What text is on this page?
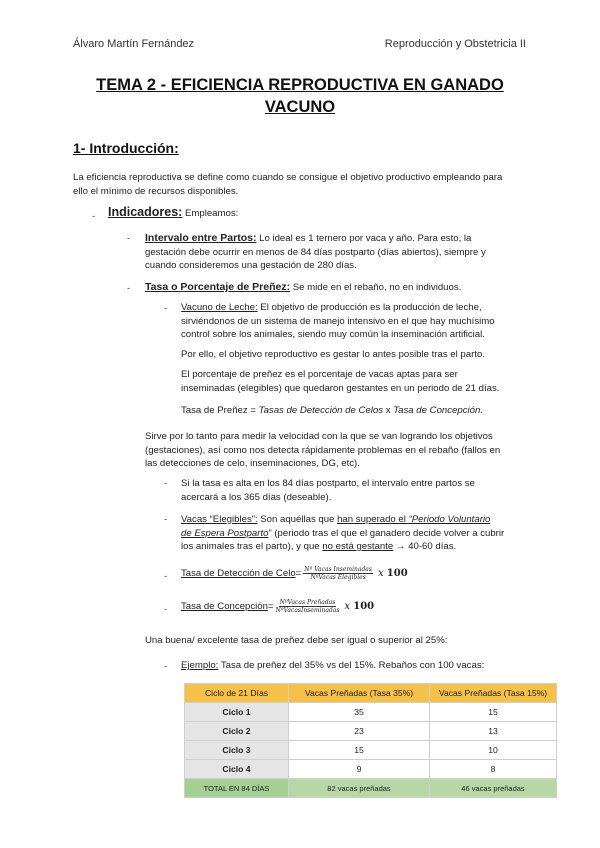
Álvaro Martín Fernández	Reproducción y Obstetricia II
TEMA 2 - EFICIENCIA REPRODUCTIVA EN GANADO
VACUNO
1- Introducción:
La eficiencia reproductiva se define como cuando se consigue el objetivo productivo empleando para
ello el mínimo de recursos disponibles.
- Indicadores: Empleamos:
- Intervalo entre Partos: Lo ideal es 1 ternero por vaca y año. Para esto, la
gestación debe ocurrir en menos de 84 días postparto (días abiertos), siempre y
cuando consideremos una gestación de 280 días.
- Tasa o Porcentaje de Preñez: Se mide en el rebaño, no en individuos.
- Vacuno de Leche: El objetivo de producción es la producción de leche,
sirviéndonos de un sistema de manejo intensivo en el que hay muchísimo
control sobre los animales, siendo muy común la inseminación artificial.
Por ello, el objetivo reproductivo es gestar lo antes posible tras el parto.
El porcentaje de preñez es el porcentaje de vacas aptas para ser
inseminadas (elegibles) que quedaron gestantes en un periodo de 21 días.
Tasa de Preñez = Tasas de Detección de Celos x Tasa de Concepción.
Sirve por lo tanto para medir la velocidad con la que se van logrando los objetivos
(gestaciones), así como nos detecta rápidamente problemas en el rebaño (fallos en
las detecciones de celo, inseminaciones, DG, etc).
- Si la tasa es alta en los 84 días postparto, el intervalo entre partos se
acercará a los 365 días (deseable).
- Vacas “Elegibles”: Son aquéllas que han superado el “Periodo Voluntario
de Espera Postparto” (periodo tras el que el ganadero decide volver a cubrir
los animales tras el parto), y que no está gestante → 40-60 días.
- Tasa de Detección de Celo = $\frac{\text{Nº Vacas Inseminadas}}{\text{NºVacas Elegibles}}$ x 100
- Tasa de Concepción = $\frac{\text{NºVacas Preñadas}}{\text{NºVacasInseminadas}}$ x 100
Una buena/ excelente tasa de preñez debe ser igual o superior al 25%:
- Ejemplo: Tasa de preñez del 35% vs del 15%. Rebaños con 100 vacas:
Ciclo de 21 Días	Vacas Preñadas (Tasa 35%)	Vacas Preñadas (Tasa 15%)
Ciclo 1	35	15
Ciclo 2	23	13
Ciclo 3	15	10
Ciclo 4	9	8
TOTAL EN 84 DÍAS	82 vacas preñadas	46 vacas preñadas
